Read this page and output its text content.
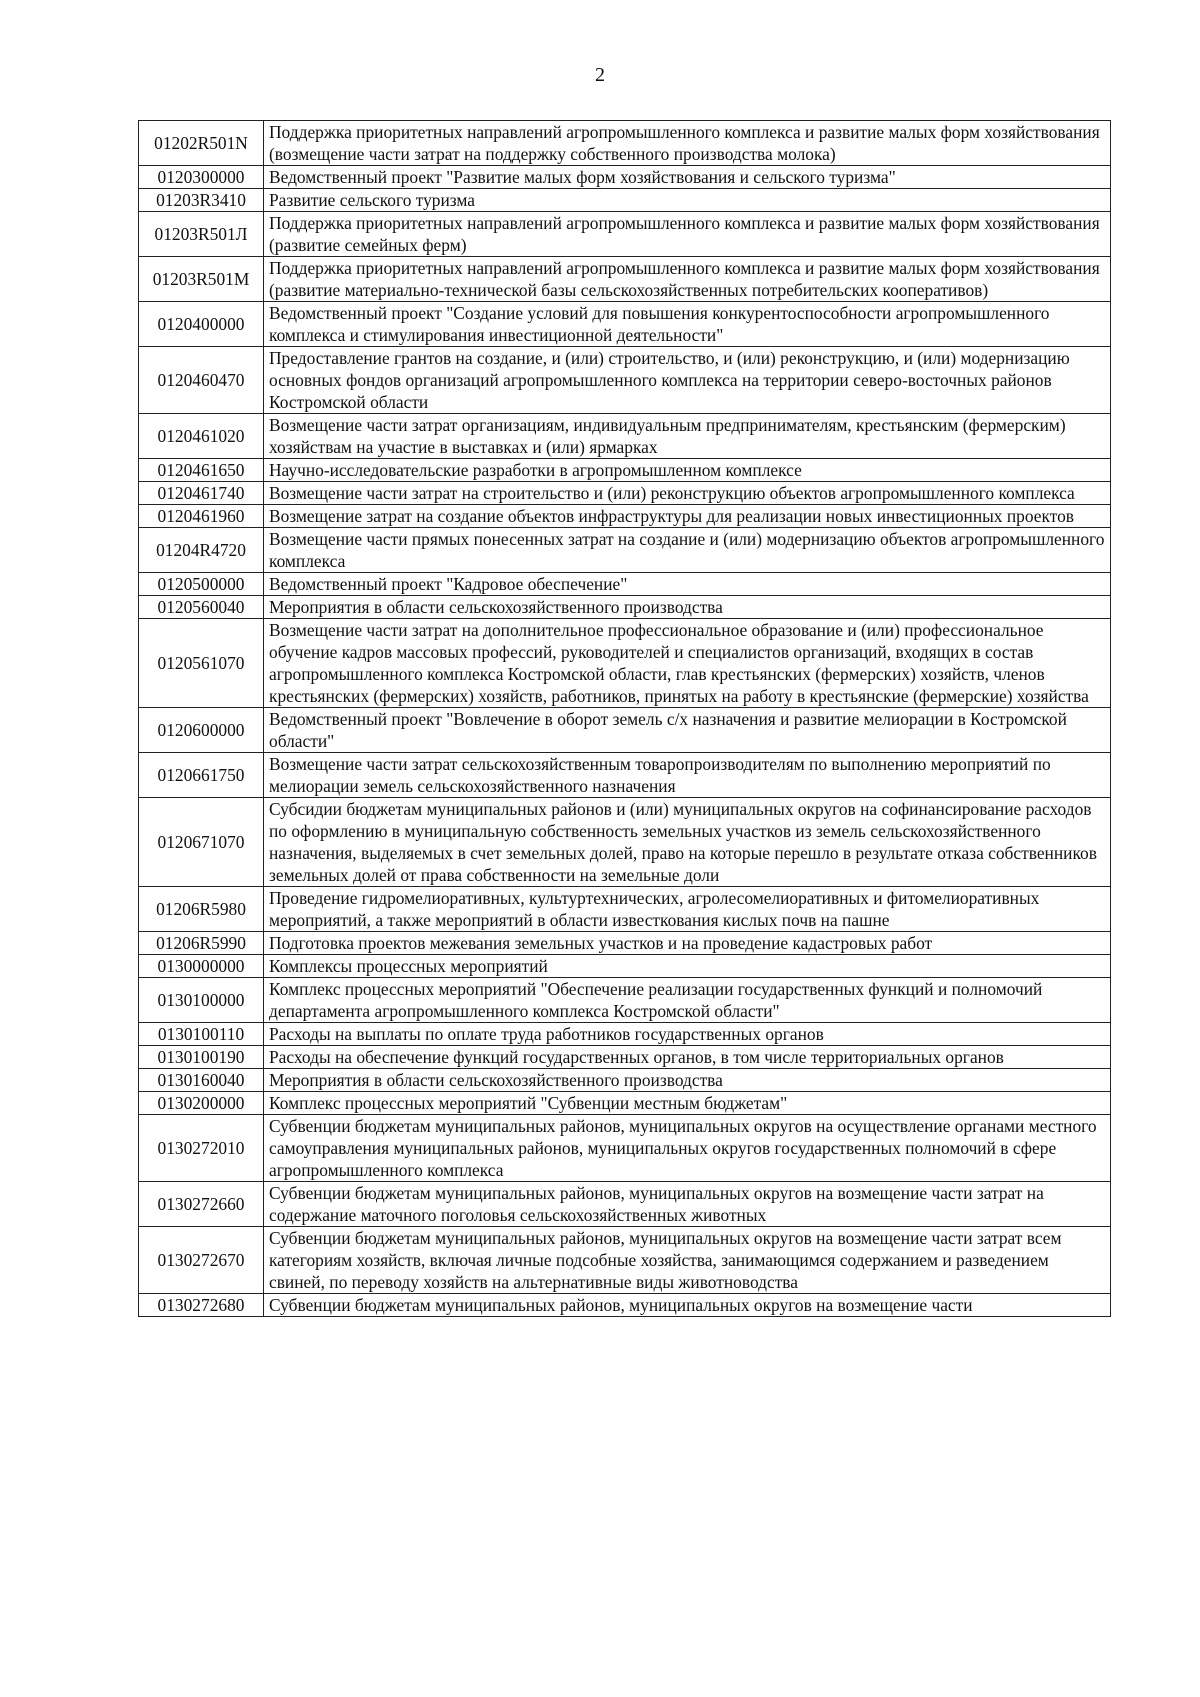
2
01202R501N	Поддержка приоритетных направлений агропромышленного комплекса и развитие малых форм хозяйствования (возмещение части затрат на поддержку собственного производства молока)
0120300000	Ведомственный проект "Развитие малых форм хозяйствования и сельского туризма"
01203R3410	Развитие сельского туризма
01203R501Л	Поддержка приоритетных направлений агропромышленного комплекса и развитие малых форм хозяйствования (развитие семейных ферм)
01203R501M	Поддержка приоритетных направлений агропромышленного комплекса и развитие малых форм хозяйствования (развитие материально-технической базы сельскохозяйственных потребительских кооперативов)
0120400000	Ведомственный проект "Создание условий для повышения конкурентоспособности агропромышленного комплекса и стимулирования инвестиционной деятельности"
0120460470	Предоставление грантов на создание, и (или) строительство, и (или) реконструкцию, и (или) модернизацию основных фондов организаций агропромышленного комплекса на территории северо-восточных районов Костромской области
0120461020	Возмещение части затрат организациям, индивидуальным предпринимателям, крестьянским (фермерским) хозяйствам на участие в выставках и (или) ярмарках
0120461650	Научно-исследовательские разработки в агропромышленном комплексе
0120461740	Возмещение части затрат на строительство и (или) реконструкцию объектов агропромышленного комплекса
0120461960	Возмещение затрат на создание объектов инфраструктуры для реализации новых инвестиционных проектов
01204R4720	Возмещение части прямых понесенных затрат на создание и (или) модернизацию объектов агропромышленного комплекса
0120500000	Ведомственный проект "Кадровое обеспечение"
0120560040	Мероприятия в области сельскохозяйственного производства
0120561070	Возмещение части затрат на дополнительное профессиональное образование и (или) профессиональное обучение кадров массовых профессий, руководителей и специалистов организаций, входящих в состав агропромышленного комплекса Костромской области, глав крестьянских (фермерских) хозяйств, членов крестьянских (фермерских) хозяйств, работников, принятых на работу в крестьянские (фермерские) хозяйства
0120600000	Ведомственный проект "Вовлечение в оборот земель с/х назначения и развитие мелиорации в Костромской области"
0120661750	Возмещение части затрат сельскохозяйственным товаропроизводителям по выполнению мероприятий по мелиорации земель сельскохозяйственного назначения
0120671070	Субсидии бюджетам муниципальных районов и (или) муниципальных округов на софинансирование расходов по оформлению в муниципальную собственность земельных участков из земель сельскохозяйственного назначения, выделяемых в счет земельных долей, право на которые перешло в результате отказа собственников земельных долей от права собственности на земельные доли
01206R5980	Проведение гидромелиоративных, культуртехнических, агролесомелиоративных и фитомелиоративных мероприятий, а также мероприятий в области известкования кислых почв на пашне
01206R5990	Подготовка проектов межевания земельных участков и на проведение кадастровых работ
0130000000	Комплексы процессных мероприятий
0130100000	Комплекс процессных мероприятий "Обеспечение реализации государственных функций и полномочий департамента агропромышленного комплекса Костромской области"
0130100110	Расходы на выплаты по оплате труда работников государственных органов
0130100190	Расходы на обеспечение функций государственных органов, в том числе территориальных органов
0130160040	Мероприятия в области сельскохозяйственного производства
0130200000	Комплекс процессных мероприятий "Субвенции местным бюджетам"
0130272010	Субвенции бюджетам муниципальных районов, муниципальных округов на осуществление органами местного самоуправления муниципальных районов, муниципальных округов государственных полномочий в сфере агропромышленного комплекса
0130272660	Субвенции бюджетам муниципальных районов, муниципальных округов на возмещение части затрат на содержание маточного поголовья сельскохозяйственных животных
0130272670	Субвенции бюджетам муниципальных районов, муниципальных округов на возмещение части затрат всем категориям хозяйств, включая личные подсобные хозяйства, занимающимся содержанием и разведением свиней, по переводу хозяйств на альтернативные виды животноводства
0130272680	Субвенции бюджетам муниципальных районов, муниципальных округов на возмещение части
